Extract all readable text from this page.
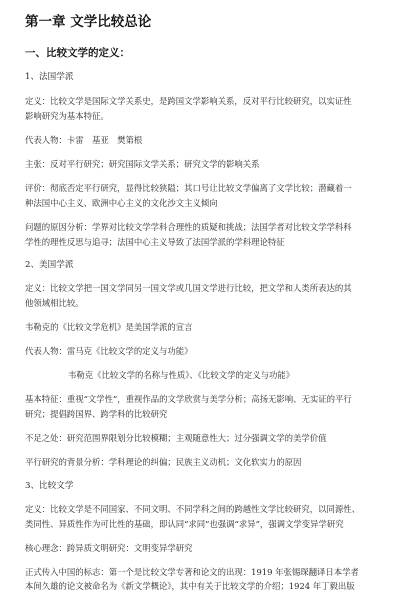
第一章 文学比较总论
一、比较文学的定义：
1、法国学派
定义：比较文学是国际文学关系史，是跨国文学影响关系，反对平行比较研究，以实证性
影响研究为基本特征。
代表人物：卡雷　基亚　樊第根
主张：反对平行研究；研究国际文学关系；研究文学的影响关系
评价：彻底否定平行研究，显得比较狭隘；其口号让比较文学偏离了文学比较；潜藏着一
种法国中心主义、欧洲中心主义的文化沙文主义倾向
问题的原因分析：学界对比较文学学科合理性的质疑和挑战；法国学者对比较文学学科科
学性的理性反思与追寻；法国中心主义导致了法国学派的学科理论特征
2、美国学派
定义：比较文学把一国文学同另一国文学或几国文学进行比较，把文学和人类所表达的其
他领域相比较。
韦勒克的《比较文学危机》是美国学派的宣言
代表人物：雷马克《比较文学的定义与功能》
韦勒克《比较文学的名称与性质》、《比较文学的定义与功能》
基本特征：重视“文学性”，重视作品的文学欣赏与美学分析；高扬无影响、无实证的平行
研究；提倡跨国界、跨学科的比较研究
不足之处：研究范围界限划分比较模糊；主观随意性大；过分强调文学的美学价值
平行研究的背景分析：学科理论的纠偏；民族主义动机；文化软实力的原因
3、比较文学
定义：比较文学是不同国家、不同文明、不同学科之间的跨越性文学比较研究，以同源性、
类同性、异质性作为可比性的基础，即认同“求同”也强调“求异”，强调文学变异学研究
核心理念：跨异质文明研究：文明变异学研究
正式传入中国的标志：第一个是比较文学专著和论文的出现：1919 年张锡琛翻译日本学者
本间久雄的论文被命名为《新文学概论》，其中有关于比较文学的介绍；1924 年丁毅出版
